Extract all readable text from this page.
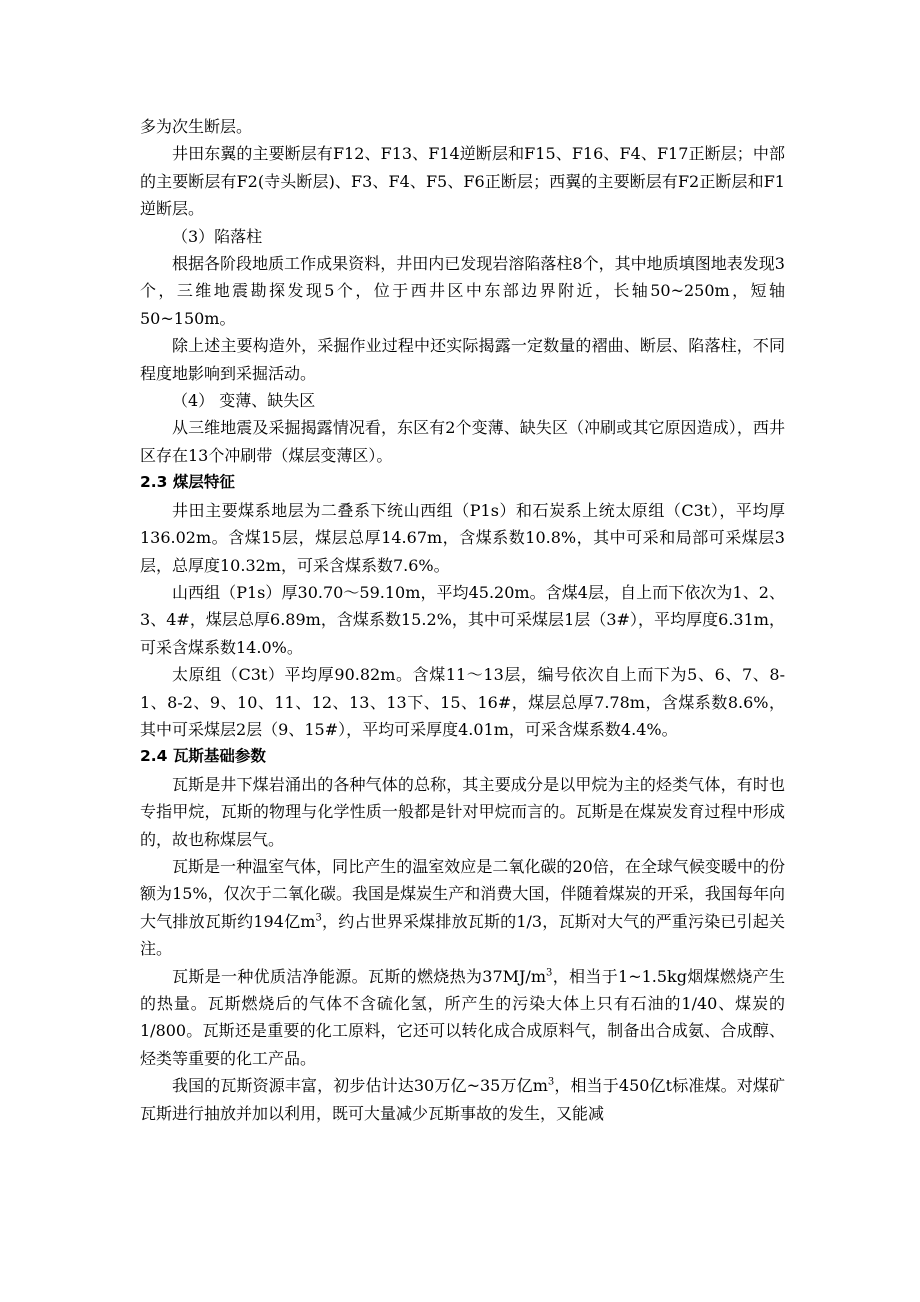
多为次生断层。

井田东翼的主要断层有F12、F13、F14逆断层和F15、F16、F4、F17正断层；中部的主要断层有F2(寺头断层)、F3、F4、F5、F6正断层；西翼的主要断层有F2正断层和F1逆断层。

（3）陷落柱

根据各阶段地质工作成果资料，井田内已发现岩溶陷落柱8个，其中地质填图地表发现3个，三维地震勘探发现5个，位于西井区中东部边界附近，长轴50~250m，短轴50~150m。

除上述主要构造外，采掘作业过程中还实际揭露一定数量的褶曲、断层、陷落柱，不同程度地影响到采掘活动。

（4） 变薄、缺失区

从三维地震及采掘揭露情况看，东区有2个变薄、缺失区（冲刷或其它原因造成），西井区存在13个冲刷带（煤层变薄区）。

2.3 煤层特征

井田主要煤系地层为二叠系下统山西组（P1s）和石炭系上统太原组（C3t），平均厚136.02m。含煤15层，煤层总厚14.67m，含煤系数10.8%，其中可采和局部可采煤层3层，总厚度10.32m，可采含煤系数7.6%。

山西组（P1s）厚30.70～59.10m，平均45.20m。含煤4层，自上而下依次为1、2、3、4#，煤层总厚6.89m，含煤系数15.2%，其中可采煤层1层（3#），平均厚度6.31m，可采含煤系数14.0%。

太原组（C3t）平均厚90.82m。含煤11～13层，编号依次自上而下为5、6、7、8-1、8-2、9、10、11、12、13、13下、15、16#，煤层总厚7.78m，含煤系数8.6%，其中可采煤层2层（9、15#），平均可采厚度4.01m，可采含煤系数4.4%。

2.4 瓦斯基础参数

瓦斯是井下煤岩涌出的各种气体的总称，其主要成分是以甲烷为主的烃类气体，有时也专指甲烷，瓦斯的物理与化学性质一般都是针对甲烷而言的。瓦斯是在煤炭发育过程中形成的，故也称煤层气。

瓦斯是一种温室气体，同比产生的温室效应是二氧化碳的20倍，在全球气候变暖中的份额为15%，仅次于二氧化碳。我国是煤炭生产和消费大国，伴随着煤炭的开采，我国每年向大气排放瓦斯约194亿$m^3$，约占世界采煤排放瓦斯的1/3，瓦斯对大气的严重污染已引起关注。

瓦斯是一种优质洁净能源。瓦斯的燃烧热为$37MJ/m^3$，相当于1~1.5kg烟煤燃烧产生的热量。瓦斯燃烧后的气体不含硫化氢，所产生的污染大体上只有石油的1/40、煤炭的1/800。瓦斯还是重要的化工原料，它还可以转化成合成原料气，制备出合成氨、合成醇、烃类等重要的化工产品。

我国的瓦斯资源丰富，初步估计达30万亿~35万亿$m^3$，相当于450亿t标准煤。对煤矿瓦斯进行抽放并加以利用，既可大量减少瓦斯事故的发生，又能减
